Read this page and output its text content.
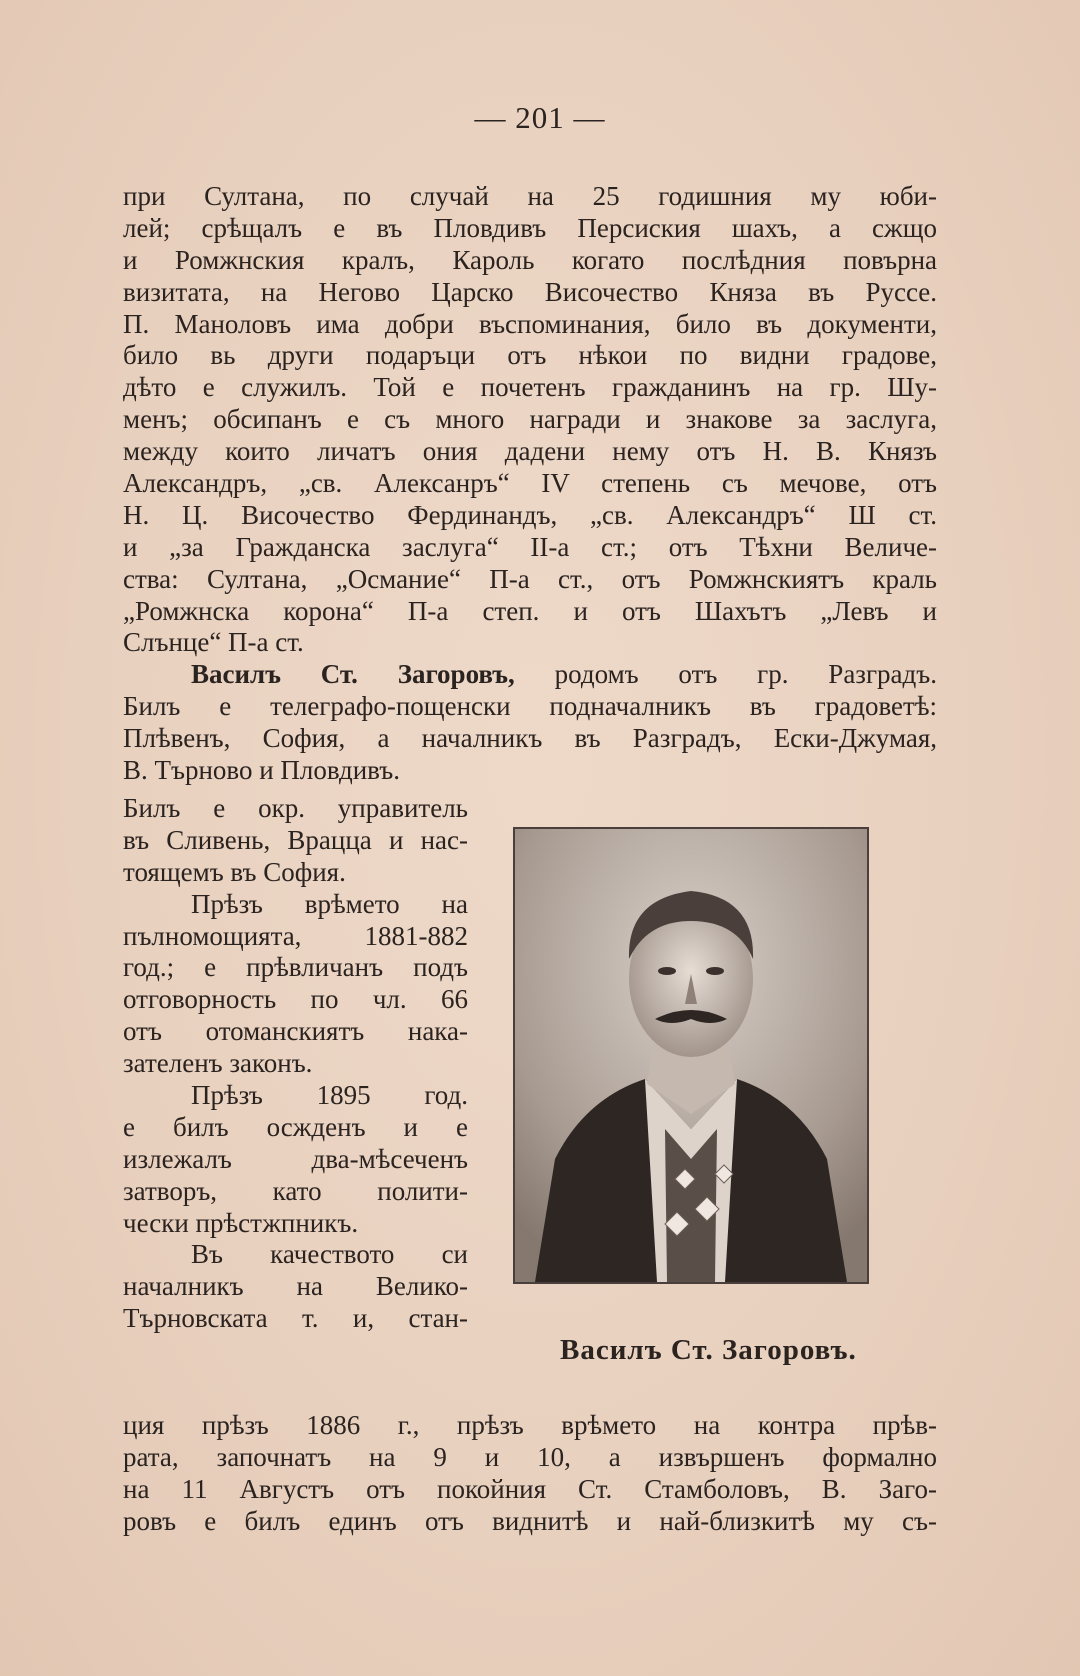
— 201 —
при Султана, по случай на 25 годишния му юби-
лей; срѣщалъ е въ Пловдивъ Персиския шахъ, а сжщо
и Ромжнския кралъ, Кароль когато послѣдния повърна
визитата, на Негово Царско Височество Княза въ Руссе.
П. Маноловъ има добри въспоминания, било въ документи,
било вь други подаръци отъ нѣкои по видни градове,
дѣто е служилъ. Той е почетенъ гражданинъ на гр. Шу-
менъ; обсипанъ е съ много награди и знакове за заслуга,
между които личатъ ония дадени нему отъ Н. В. Князъ
Александръ, „св. Алексанръ“ IV степень съ мечове, отъ
Н. Ц. Височество Фердинандъ, „св. Александръ“ Ш ст.
и „за Гражданска заслуга“ II-а ст.; отъ Тѣхни Величе-
ства: Султана, „Османие“ П-а ст., отъ Ромжнскиятъ краль
„Ромжнска корона“ П-а степ. и отъ Шахътъ „Левъ и
Слънце“ П-а ст.
Василъ Ст. Загоровъ, родомъ отъ гр. Разградъ.
Билъ е телеграфо-пощенски подначалникъ въ градоветѣ:
Плѣвенъ, София, а началникъ въ Разградъ, Ески-Джумая,
В. Търново и Пловдивъ.
Билъ е окр. управитель
въ Сливень, Врацца и нас-
тоящемъ въ София.
Прѣзъ врѣмето на
пълномощията, 1881-882
год.; е прѣвличанъ подъ
отговорность по чл. 66
отъ отоманскиятъ нака-
зателенъ законъ.
Прѣзъ 1895 год.
е билъ осжденъ и е
излежалъ два-мѣсеченъ
затворъ, като полити-
чески прѣстжпникъ.
Въ качеството си
началникъ на Велико-
Търновската т. и, стан-
Василъ Ст. Загоровъ.
ция прѣзъ 1886 г., прѣзъ врѣмето на контра прѣв-
рата, започнатъ на 9 и 10, а извършенъ формално
на 11 Августъ отъ покойния Ст. Стамболовъ, В. Заго-
ровъ е билъ единъ отъ виднитѣ и най-близкитѣ му съ-
